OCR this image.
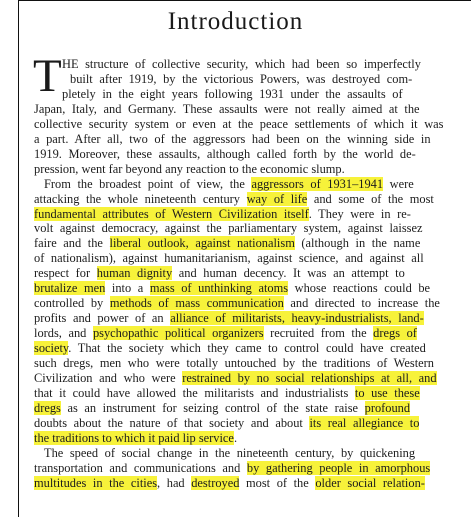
Introduction
T HE structure of collective security, which had been so imperfectly
built after 1919, by the victorious Powers, was destroyed com-
pletely in the eight years following 1931 under the assaults of
Japan, Italy, and Germany. These assaults were not really aimed at the
collective security system or even at the peace settlements of which it was
a part. After all, two of the aggressors had been on the winning side in
1919. Moreover, these assaults, although called forth by the world de-
pression, went far beyond any reaction to the economic slump.
From the broadest point of view, the aggressors of 1931–1941 were
attacking the whole nineteenth century way of life and some of the most
fundamental attributes of Western Civilization itself. They were in re-
volt against democracy, against the parliamentary system, against laissez
faire and the liberal outlook, against nationalism (although in the name
of nationalism), against humanitarianism, against science, and against all
respect for human dignity and human decency. It was an attempt to
brutalize men into a mass of unthinking atoms whose reactions could be
controlled by methods of mass communication and directed to increase the
profits and power of an alliance of militarists, heavy-industrialists, land-
lords, and psychopathic political organizers recruited from the dregs of
society. That the society which they came to control could have created
such dregs, men who were totally untouched by the traditions of Western
Civilization and who were restrained by no social relationships at all, and
that it could have allowed the militarists and industrialists to use these
dregs as an instrument for seizing control of the state raise profound
doubts about the nature of that society and about its real allegiance to
the traditions to which it paid lip service.
The speed of social change in the nineteenth century, by quickening
transportation and communications and by gathering people in amorphous
multitudes in the cities, had destroyed most of the older social relation-
